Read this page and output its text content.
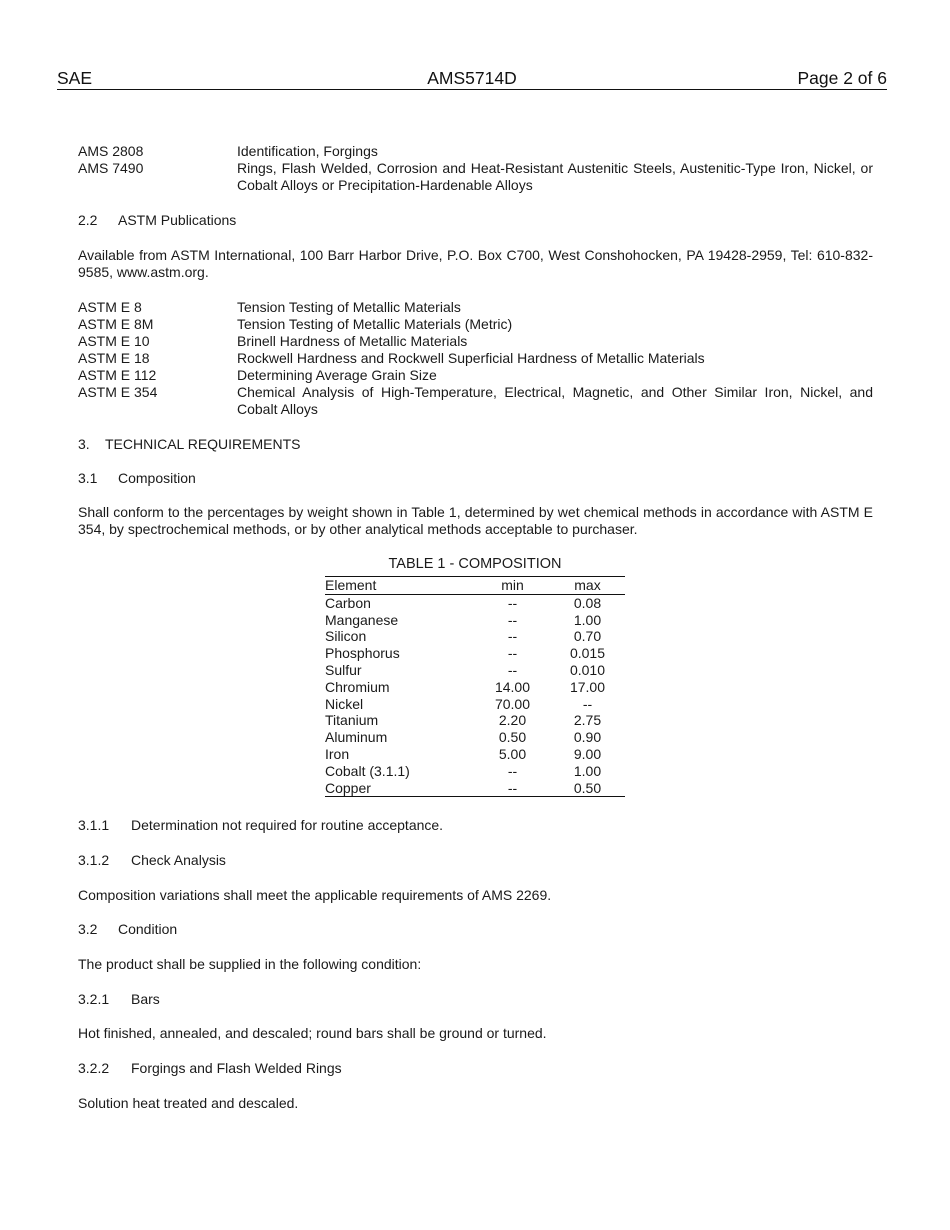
SAE	AMS5714D	Page 2 of 6
AMS 2808	Identification, Forgings
AMS 7490	Rings, Flash Welded, Corrosion and Heat-Resistant Austenitic Steels, Austenitic-Type Iron, Nickel, or Cobalt Alloys or Precipitation-Hardenable Alloys
2.2 ASTM Publications
Available from ASTM International, 100 Barr Harbor Drive, P.O. Box C700, West Conshohocken, PA 19428-2959, Tel: 610-832-9585, www.astm.org.
ASTM E 8	Tension Testing of Metallic Materials
ASTM E 8M	Tension Testing of Metallic Materials (Metric)
ASTM E 10	Brinell Hardness of Metallic Materials
ASTM E 18	Rockwell Hardness and Rockwell Superficial Hardness of Metallic Materials
ASTM E 112	Determining Average Grain Size
ASTM E 354	Chemical Analysis of High-Temperature, Electrical, Magnetic, and Other Similar Iron, Nickel, and Cobalt Alloys
3. TECHNICAL REQUIREMENTS
3.1 Composition
Shall conform to the percentages by weight shown in Table 1, determined by wet chemical methods in accordance with ASTM E 354, by spectrochemical methods, or by other analytical methods acceptable to purchaser.
TABLE 1 - COMPOSITION
Element	min	max
Carbon	--	0.08
Manganese	--	1.00
Silicon	--	0.70
Phosphorus	--	0.015
Sulfur	--	0.010
Chromium	14.00	17.00
Nickel	70.00	--
Titanium	2.20	2.75
Aluminum	0.50	0.90
Iron	5.00	9.00
Cobalt (3.1.1)	--	1.00
Copper	--	0.50
3.1.1 Determination not required for routine acceptance.
3.1.2 Check Analysis
Composition variations shall meet the applicable requirements of AMS 2269.
3.2 Condition
The product shall be supplied in the following condition:
3.2.1 Bars
Hot finished, annealed, and descaled; round bars shall be ground or turned.
3.2.2 Forgings and Flash Welded Rings
Solution heat treated and descaled.
